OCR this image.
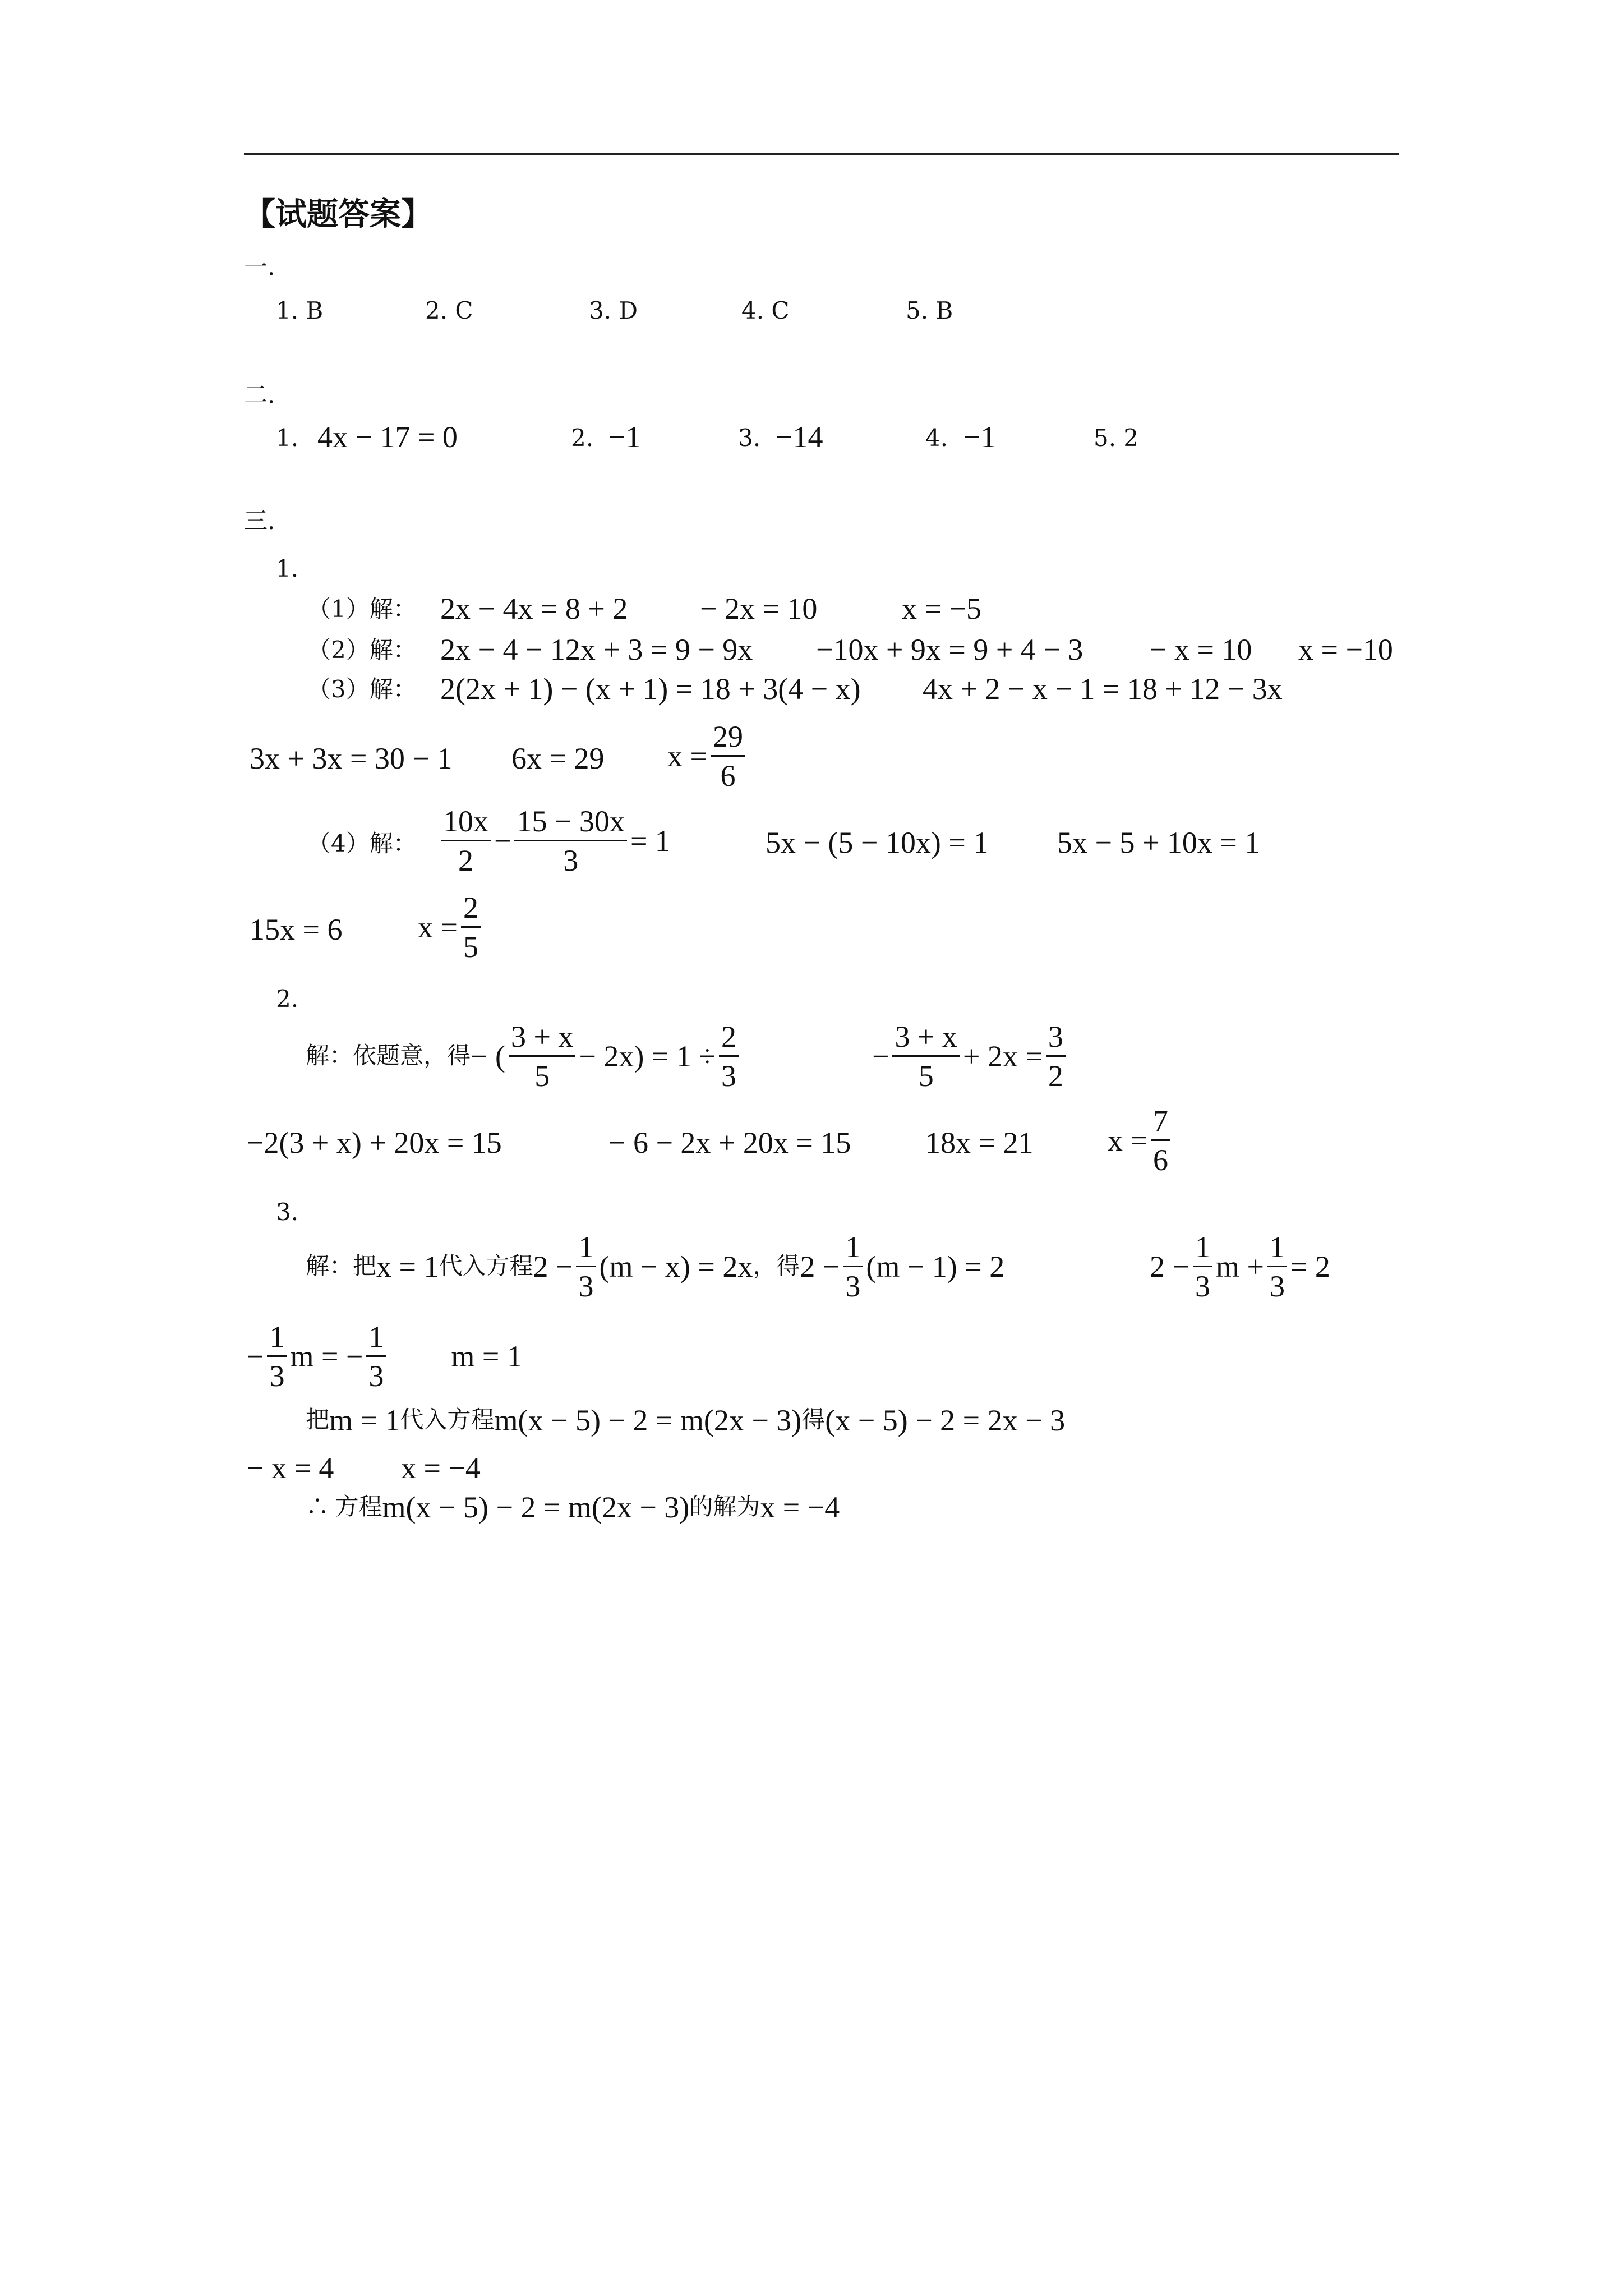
【试题答案】
一.
1. B	2. C	3. D	4. C	5. B
二.
1. 4x − 17 = 0	2. −1	3. −14	4. −1	5. 2
三.
1.
（1）解： 2x − 4x = 8 + 2 − 2x = 10	x = −5
（2）解： 2x − 4 − 12x + 3 = 9 − 9x −10x + 9x = 9 + 4 − 3 − x = 10 x = −10
（3）解： 2(2x + 1) − (x + 1) = 18 + 3(4 − x) 4x + 2 − x − 1 = 18 + 12 − 3x
3x + 3x = 30 − 1 6x = 29 $x = \frac{29}{6}$
（4）解： $\frac{10x}{2} - \frac{15 - 30x}{3} = 1$	5x − (5 − 10x) = 1 5x − 5 + 10x = 1
15x = 6 $x = \frac{2}{5}$
2.
解：依题意，得 − ( $\frac{3 + x}{5} - 2x) = 1 \div \frac{2}{3}$	− $\frac{3 + x}{5} + 2x = \frac{3}{2}$
−2(3 + x) + 20x = 15	− 6 − 2x + 20x = 15 18x = 21 $x = \frac{7}{6}$
3.
解：把 x = 1 代入方程 $2 - \frac{1}{3} (m - x) = 2x$ ，得 $2 - \frac{1}{3} (m - 1) = 2$	$2 - \frac{1}{3}$ $m + \frac{1}{3} = 2$
− $\frac{1}{3}$ m = − $\frac{1}{3}$ m = 1
把 m = 1 代入方程 m(x − 5) − 2 = m(2x − 3) 得 (x − 5) − 2 = 2x − 3
− x = 4 x = −4
∴ 方程 m(x − 5) − 2 = m(2x − 3) 的解为 x = −4
